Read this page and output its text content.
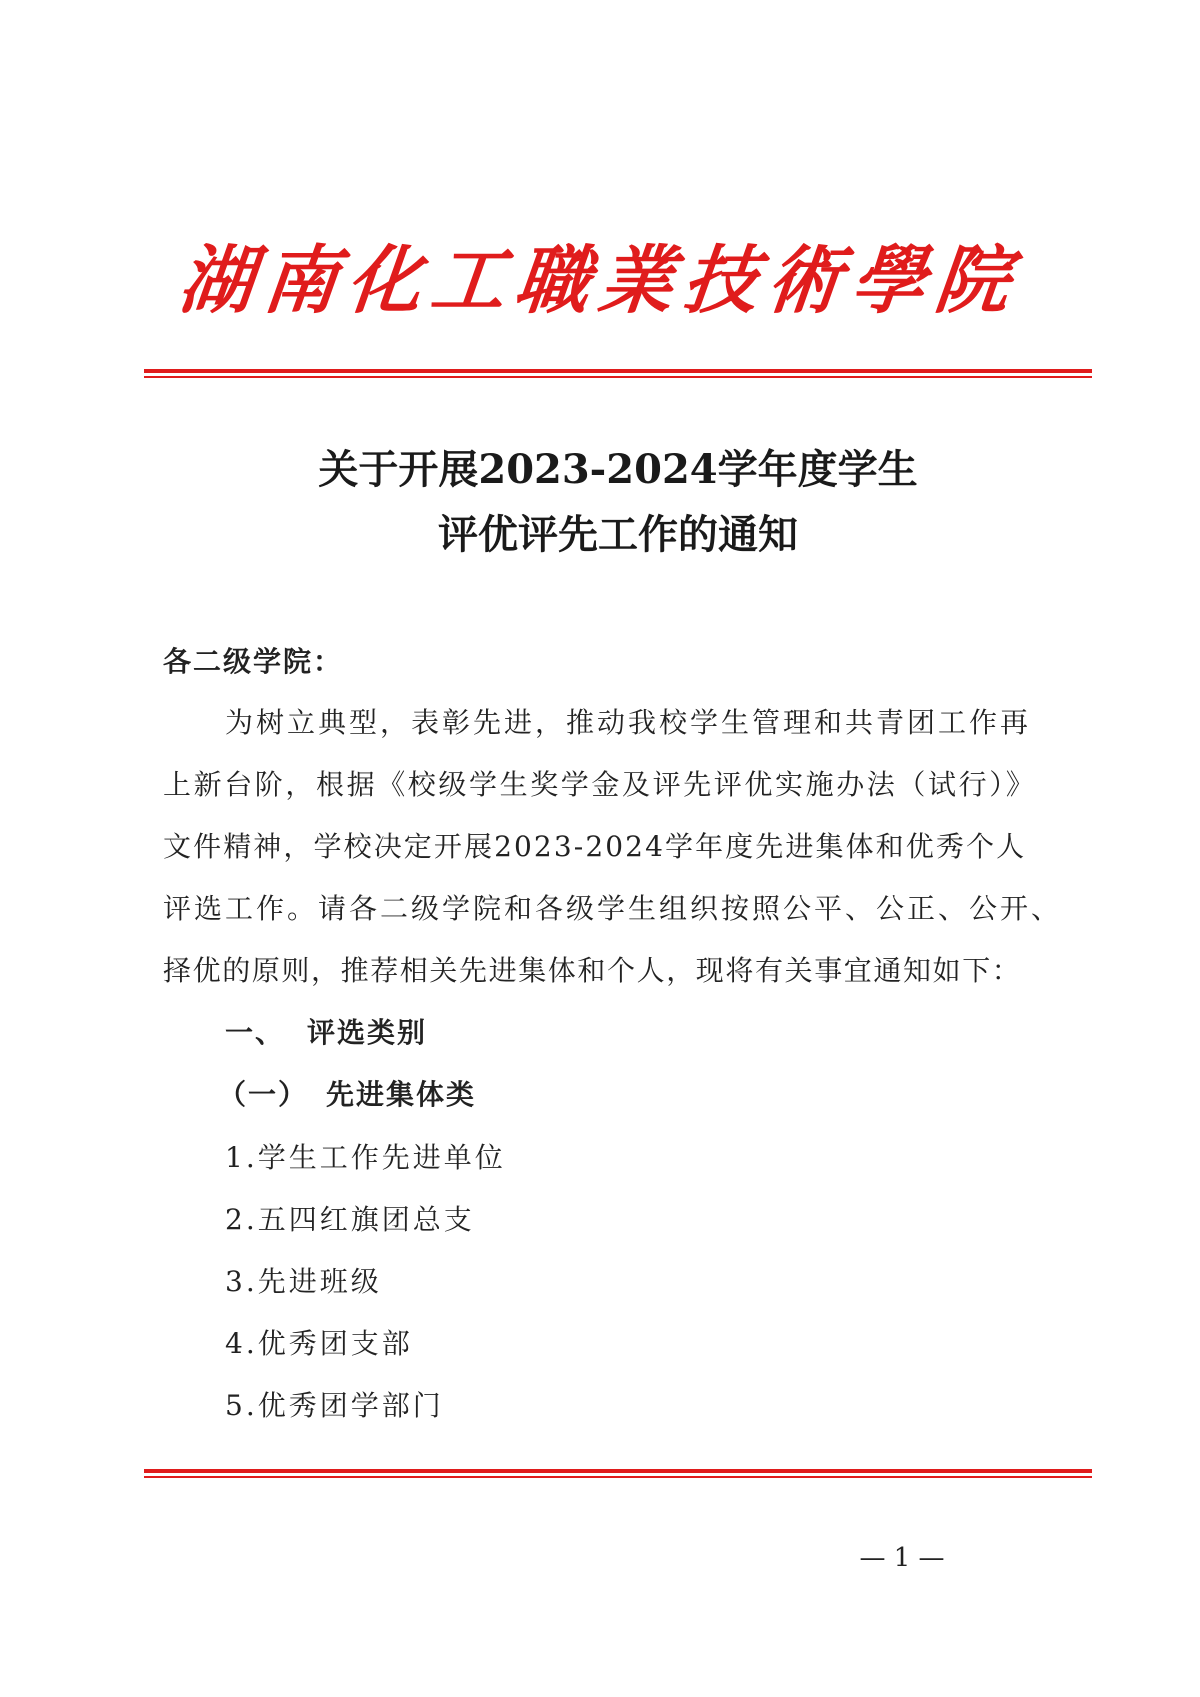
湖南化工職業技術學院
关于开展2023-2024学年度学生
评优评先工作的通知
各二级学院：
为树立典型，表彰先进，推动我校学生管理和共青团工作再
上新台阶，根据《校级学生奖学金及评先评优实施办法（试行）》
文件精神，学校决定开展2023-2024学年度先进集体和优秀个人
评选工作。请各二级学院和各级学生组织按照公平、公正、公开、
择优的原则，推荐相关先进集体和个人，现将有关事宜通知如下：
一、 评选类别
（一） 先进集体类
1.学生工作先进单位
2.五四红旗团总支
3.先进班级
4.优秀团支部
5.优秀团学部门
— 1 —
